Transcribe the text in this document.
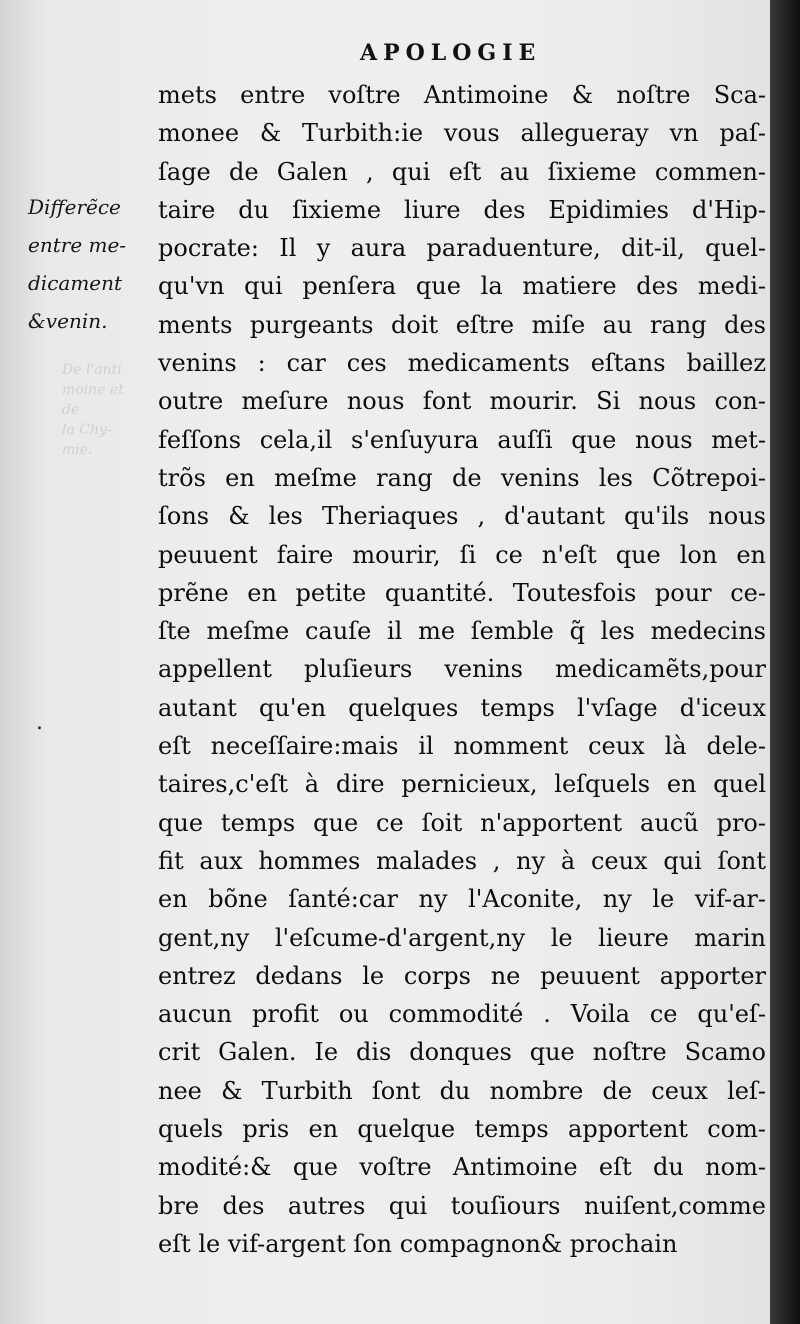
APOLOGIE
De l'anti
moine et de
la Chy-
mie.
Differẽce
entre me-
dicament
&venin.
.
mets entre voſtre Antimoine & noſtre Sca-
monee & Turbith:ie vous allegueray vn paſ-
ſage de Galen , qui eſt au ſixieme commen-
taire du ſixieme liure des Epidimies d'Hip-
pocrate: Il y aura paraduenture, dit-il, quel-
qu'vn qui penſera que la matiere des medi-
ments purgeants doit eſtre miſe au rang des
venins : car ces medicaments eſtans baillez
outre meſure nous font mourir. Si nous con-
feſſons cela,il s'enſuyura auſſi que nous met-
trõs en meſme rang de venins les Cõtrepoi-
ſons & les Theriaques , d'autant qu'ils nous
peuuent faire mourir, ſi ce n'eſt que lon en
prẽne en petite quantité. Toutesfois pour ce-
ſte meſme cauſe il me ſemble q̃ les medecins
appellent pluſieurs venins medicamẽts,pour
autant qu'en quelques temps l'vſage d'iceux
eſt neceſſaire:mais il nomment ceux là dele-
taires,c'eſt à dire pernicieux, leſquels en quel
que temps que ce ſoit n'apportent aucũ pro-
fit aux hommes malades , ny à ceux qui ſont
en bõne ſanté:car ny l'Aconite, ny le vif-ar-
gent,ny l'eſcume-d'argent,ny le lieure marin
entrez dedans le corps ne peuuent apporter
aucun profit ou commodité . Voila ce qu'eſ-
crit Galen. Ie dis donques que noſtre Scamo
nee & Turbith ſont du nombre de ceux leſ-
quels pris en quelque temps apportent com-
modité:& que voſtre Antimoine eſt du nom-
bre des autres qui touſiours nuiſent,comme
eſt le vif-argent ſon compagnon& prochain
